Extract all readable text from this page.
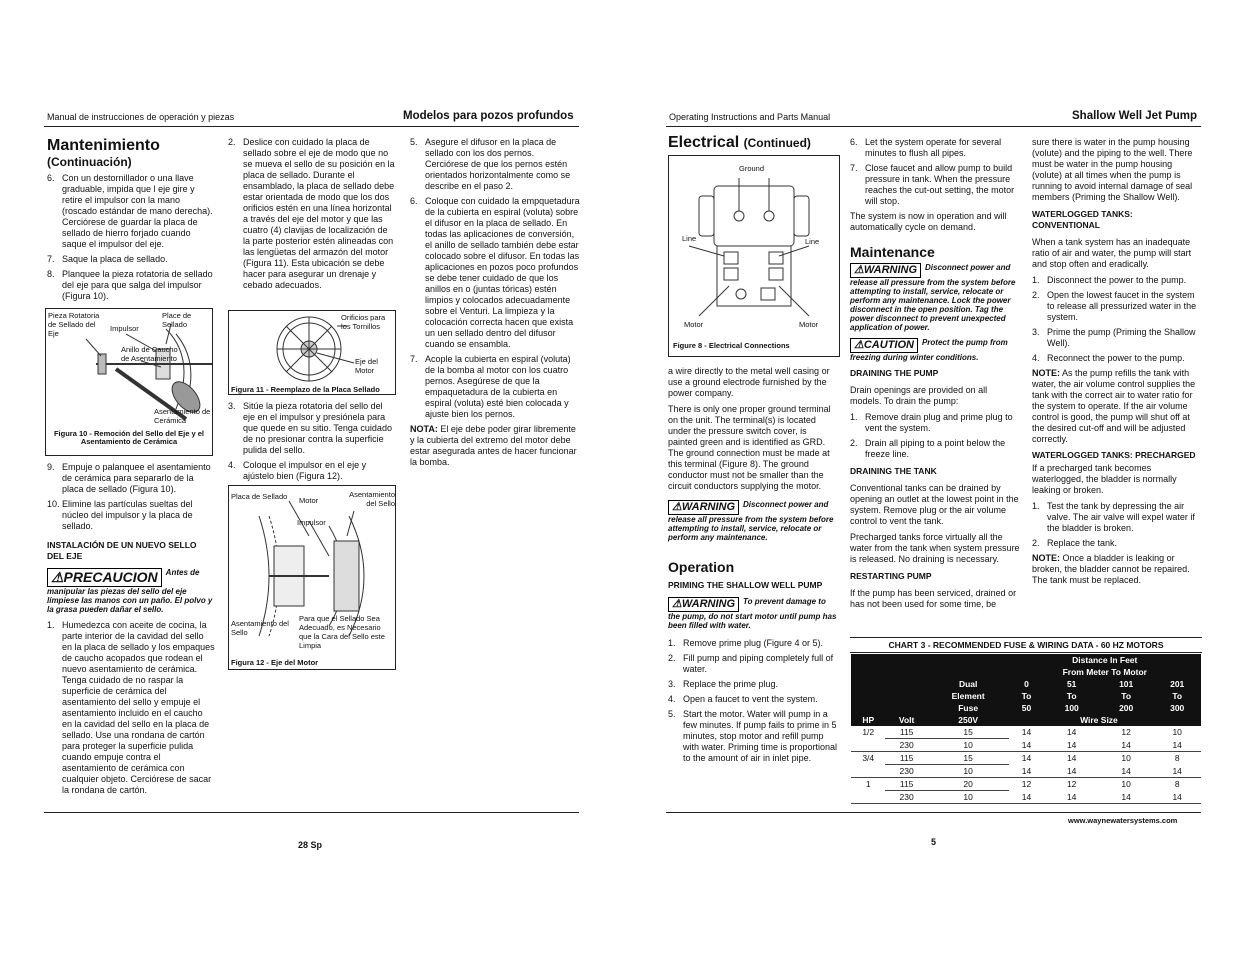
Manual de instrucciones de operación y piezas	Modelos para pozos profundos
Mantenimiento
(Continuación)
6. Con un destornillador o una llave graduable, impida que l eje gire y retire el impulsor con la mano (roscado estándar de mano derecha). Cerciórese de guardar la placa de sellado de hierro forjado cuando saque el impulsor del eje.
7. Saque la placa de sellado.
8. Planquee la pieza rotatoria de sellado del eje para que salga del impulsor (Figura 10).
Pieza Rotatoria de Sellado del Eje
Impulsor
Place de Sellado
Anillo de Caucho de Asentamiento
Asentamiento de Cerámica
Figura 10 - Remoción del Sello del Eje y el Asentamiento de Cerámica
9. Empuje o palanquee el asentamiento de cerámica para separarlo de la placa de sellado (Figura 10).
10. Elimine las partículas sueltas del núcleo del impulsor y la placa de sellado.
INSTALACIÓN DE UN NUEVO SELLO DEL EJE
⚠PRECAUCION Antes de manipular las piezas del sello del eje límpiese las manos con un paño. El polvo y la grasa pueden dañar el sello.
1. Humedezca con aceite de cocina, la parte interior de la cavidad del sello en la placa de sellado y los empaques de caucho acopados que rodean el nuevo asentamiento de cerámica. Tenga cuidado de no raspar la superficie de cerámica del asentamiento del sello y empuje el asentamiento incluido en el caucho en la cavidad del sello en la placa de sellado. Use una rondana de cartón para proteger la superficie pulida cuando empuje contra el asentamiento de cerámica con cualquier objeto. Cerciórese de sacar la rondana de cartón.
2. Deslice con cuidado la placa de sellado sobre el eje de modo que no se mueva el sello de su posición en la placa de sellado. Durante el ensamblado, la placa de sellado debe estar orientada de modo que los dos orificios estén en una línea horizontal a través del eje del motor y que las cuatro (4) clavijas de localización de la parte posterior estén alineadas con las lengüetas del armazón del motor (Figura 11). Esta ubicación se debe hacer para asegurar un drenaje y cebado adecuados.
Orificios para los Tornillos
Eje del Motor
Figura 11 - Reemplazo de la Placa Sellado
3. Sitúe la pieza rotatoria del sello del eje en el impulsor y presiónela para que quede en su sitio. Tenga cuidado de no presionar contra la superficie pulida del sello.
4. Coloque el impulsor en el eje y ajústelo bien (Figura 12).
Placa de Sellado Motor
Asentamiento del Sello
Impulsor
Asentamiento del Sello
Para que el Sellado Sea Adecuado, es Necesario que la Cara del Sello este Limpia
Figura 12 - Eje del Motor
5. Asegure el difusor en la placa de sellado con los dos pernos. Cerciórese de que los pernos estén orientados horizontalmente como se describe en el paso 2.
6. Coloque con cuidado la empquetadura de la cubierta en espiral (voluta) sobre el difusor en la placa de sellado. En todas las aplicaciones de conversión, el anillo de sellado también debe estar colocado sobre el difusor. En todas las aplicaciones en pozos poco profundos se debe tener cuidado de que los anillos en o (juntas tóricas) estén limpios y colocados adecuadamente sobre el Venturi. La limpieza y la colocación correcta hacen que exista un uen sellado dentro del difusor cuando se ensambla.
7. Acople la cubierta en espiral (voluta) de la bomba al motor con los cuatro pernos. Asegúrese de que la empaquetadura de la cubierta en espiral (voluta) esté bien colocada y ajuste bien los pernos.

NOTA: El eje debe poder girar libremente y la cubierta del extremo del motor debe estar asegurada antes de hacer funcionar la bomba.

28 Sp
Operating Instructions and Parts Manual	Shallow Well Jet Pump
Electrical (Continued)
Ground
Line	Line
Motor	Motor
Figure 8 - Electrical Connections

a wire directly to the metal well casing or use a ground electrode furnished by the power company.

There is only one proper ground terminal on the unit. The terminal(s) is located under the pressure switch cover, is painted green and is identified as GRD. The ground connection must be made at this terminal (Figure 8). The ground conductor must not be smaller than the circuit conductors supplying the motor.

⚠WARNING Disconnect power and release all pressure from the system before attempting to install, service, relocate or perform any maintenance.
Operation
PRIMING THE SHALLOW WELL PUMP
⚠WARNING To prevent damage to the pump, do not start motor until pump has been filled with water.
1. Remove prime plug (Figure 4 or 5).
2. Fill pump and piping completely full of water.
3. Replace the prime plug.
4. Open a faucet to vent the system.
5. Start the motor. Water will pump in a few minutes. If pump fails to prime in 5 minutes, stop motor and refill pump with water. Priming time is proportional to the amount of air in inlet pipe.
6. Let the system operate for several minutes to flush all pipes.
7. Close faucet and allow pump to build pressure in tank. When the pressure reaches the cut-out setting, the motor will stop.

The system is now in operation and will automatically cycle on demand.

Maintenance
⚠WARNING Disconnect power and release all pressure from the system before attempting to install, service, relocate or perform any maintenance. Lock the power disconnect in the open position. Tag the power disconnect to prevent unexpected application of power.
⚠CAUTION Protect the pump from freezing during winter conditions.
DRAINING THE PUMP

Drain openings are provided on all models. To drain the pump:

1. Remove drain plug and prime plug to vent the system.
2. Drain all piping to a point below the freeze line.
DRAINING THE TANK

Conventional tanks can be drained by opening an outlet at the lowest point in the system. Remove plug or the air volume control to vent the tank.

Precharged tanks force virtually all the water from the tank when system pressure is released. No draining is necessary.

RESTARTING PUMP

If the pump has been serviced, drained or has not been used for some time, be

sure there is water in the pump housing (volute) and the piping to the well. There must be water in the pump housing (volute) at all times when the pump is running to avoid internal damage of seal members (Priming the Shallow Well).

WATERLOGGED TANKS: CONVENTIONAL

When a tank system has an inadequate ratio of air and water, the pump will start and stop often and eradically.

1. Disconnect the power to the pump.
2. Open the lowest faucet in the system to release all pressurized water in the system.
3. Prime the pump (Priming the Shallow Well).
4. Reconnect the power to the pump.

NOTE: As the pump refills the tank with water, the air volume control supplies the tank with the correct air to water ratio for the system to operate. If the air volume control is good, the pump will shut off at the desired cut-off and will be adjusted correctly.

WATERLOGGED TANKS: PRECHARGED

If a precharged tank becomes waterlogged, the bladder is normally leaking or broken.

1. Test the tank by depressing the air valve. The air valve will expel water if the bladder is broken.
2. Replace the tank.

NOTE: Once a bladder is leaking or broken, the bladder cannot be repaired. The tank must be replaced.

CHART 3 - RECOMMENDED FUSE & WIRING DATA - 60 HZ MOTORS
			Distance In Feet			
			From Meter To Motor			
		Dual	0	51	101	201
		Element	To	To	To	To
		Fuse	50	100	200	300
HP	Volt	250V		Wire Size		
1/2	115	15	14	14	12	10
	230	10	14	14	14	14
3/4	115	15	14	14	10	8
	230	10	14	14	14	14
1	115	20	12	12	10	8
	230	10	14	14	14	14
www.waynewatersystems.com
5
